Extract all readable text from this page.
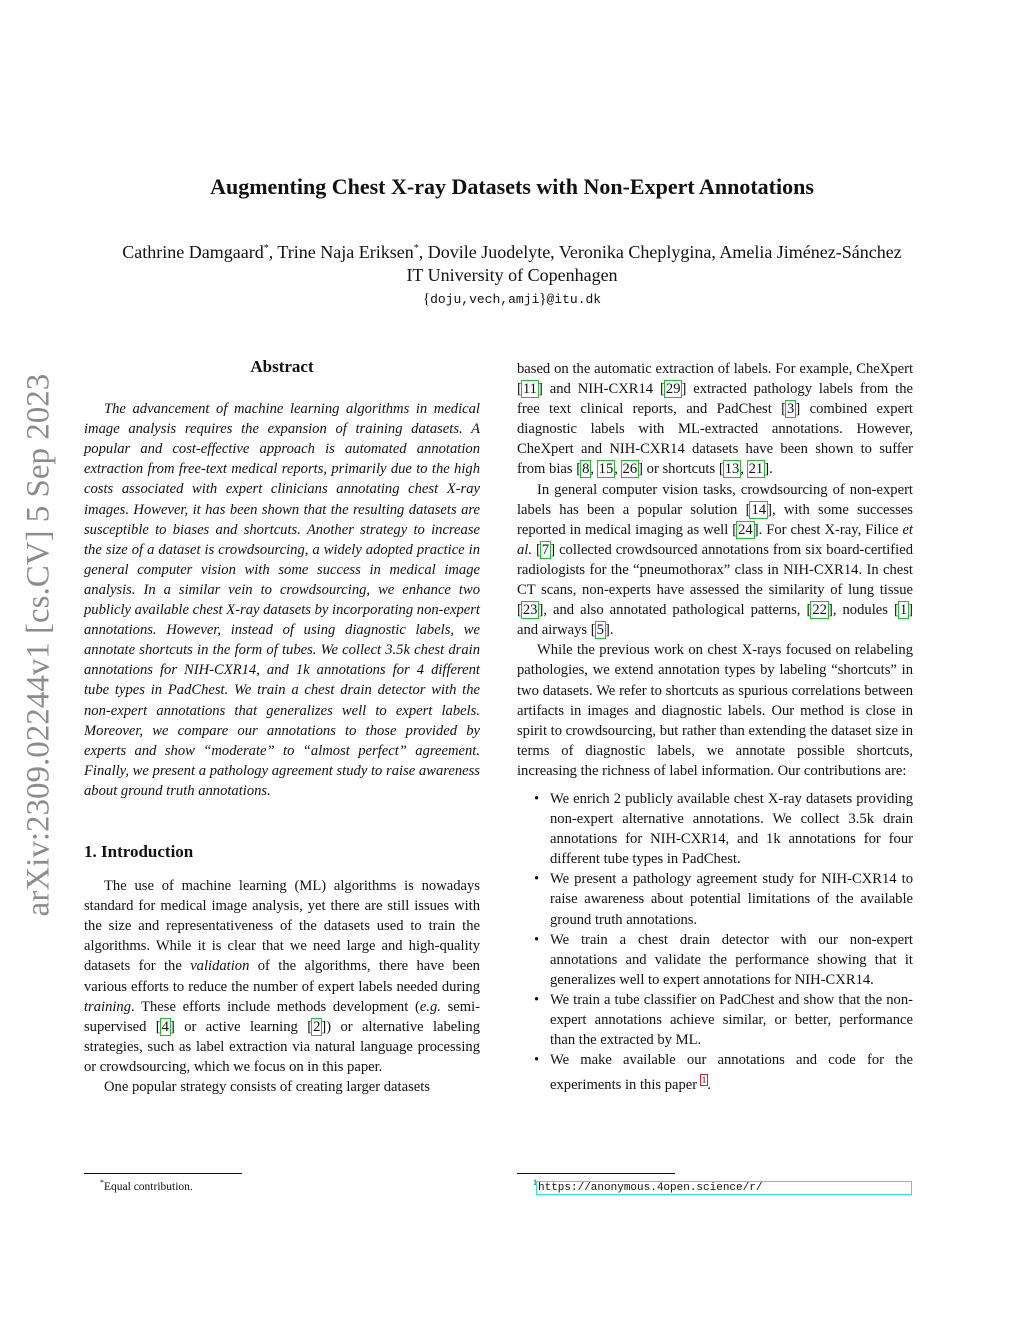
arXiv:2309.02244v1 [cs.CV] 5 Sep 2023
Augmenting Chest X-ray Datasets with Non-Expert Annotations
Cathrine Damgaard*, Trine Naja Eriksen*, Dovile Juodelyte, Veronika Cheplygina, Amelia Jiménez-Sánchez
IT University of Copenhagen
{doju,vech,amji}@itu.dk
Abstract

The advancement of machine learning algorithms in medical image analysis requires the expansion of training datasets. A popular and cost-effective approach is automated annotation extraction from free-text medical reports, primarily due to the high costs associated with expert clinicians annotating chest X-ray images. However, it has been shown that the resulting datasets are susceptible to biases and shortcuts. Another strategy to increase the size of a dataset is crowdsourcing, a widely adopted practice in general computer vision with some success in medical image analysis. In a similar vein to crowdsourcing, we enhance two publicly available chest X-ray datasets by incorporating non-expert annotations. However, instead of using diagnostic labels, we annotate shortcuts in the form of tubes. We collect 3.5k chest drain annotations for NIH-CXR14, and 1k annotations for 4 different tube types in PadChest. We train a chest drain detector with the non-expert annotations that generalizes well to expert labels. Moreover, we compare our annotations to those provided by experts and show “moderate” to “almost perfect” agreement. Finally, we present a pathology agreement study to raise awareness about ground truth annotations.

1. Introduction

The use of machine learning (ML) algorithms is nowadays standard for medical image analysis, yet there are still issues with the size and representativeness of the datasets used to train the algorithms. While it is clear that we need large and high-quality datasets for the validation of the algorithms, there have been various efforts to reduce the number of expert labels needed during training. These efforts include methods development (e.g. semi-supervised [4] or active learning [2]) or alternative labeling strategies, such as label extraction via natural language processing or crowdsourcing, which we focus on in this paper.

One popular strategy consists of creating larger datasets

*Equal contribution.

based on the automatic extraction of labels. For example, CheXpert [11] and NIH-CXR14 [29] extracted pathology labels from the free text clinical reports, and PadChest [3] combined expert diagnostic labels with ML-extracted annotations. However, CheXpert and NIH-CXR14 datasets have been shown to suffer from bias [8, 15, 26] or shortcuts [13, 21].

In general computer vision tasks, crowdsourcing of non-expert labels has been a popular solution [14], with some successes reported in medical imaging as well [24]. For chest X-ray, Filice et al. [7] collected crowdsourced annotations from six board-certified radiologists for the “pneumothorax” class in NIH-CXR14. In chest CT scans, non-experts have assessed the similarity of lung tissue [23], and also annotated pathological patterns, [22], nodules [1] and airways [5].

While the previous work on chest X-rays focused on relabeling pathologies, we extend annotation types by labeling “shortcuts” in two datasets. We refer to shortcuts as spurious correlations between artifacts in images and diagnostic labels. Our method is close in spirit to crowdsourcing, but rather than extending the dataset size in terms of diagnostic labels, we annotate possible shortcuts, increasing the richness of label information. Our contributions are:

• We enrich 2 publicly available chest X-ray datasets providing non-expert alternative annotations. We collect 3.5k drain annotations for NIH-CXR14, and 1k annotations for four different tube types in PadChest.
• We present a pathology agreement study for NIH-CXR14 to raise awareness about potential limitations of the available ground truth annotations.
• We train a chest drain detector with our non-expert annotations and validate the performance showing that it generalizes well to expert annotations for NIH-CXR14.
• We train a tube classifier on PadChest and show that the non-expert annotations achieve similar, or better, performance than the extracted by ML.
• We make available our annotations and code for the experiments in this paper $^1$.
$^1$https://anonymous.4open.science/r/
